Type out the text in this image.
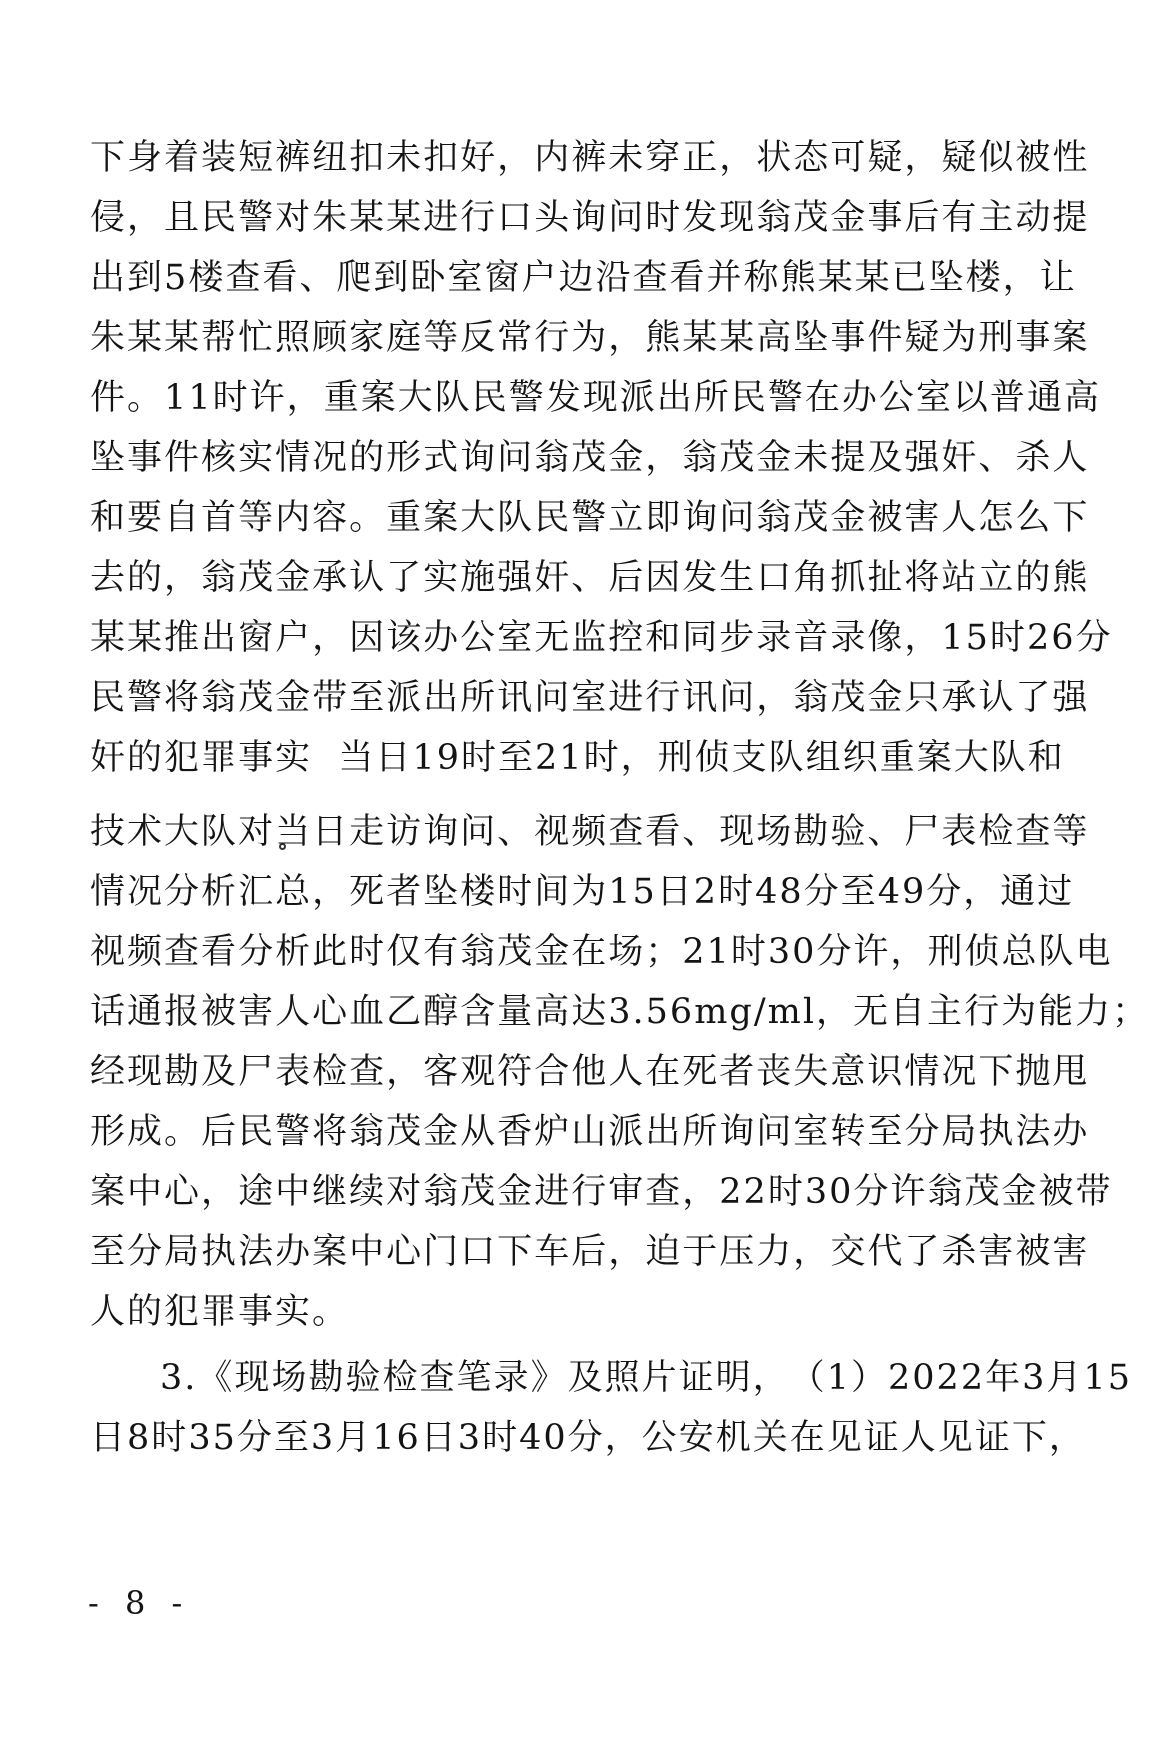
下 身 着 装 短 裤 纽 扣 未 扣 好 ， 内 裤 未 穿 正 ， 状 态 可 疑 ， 疑 似 被 性
侵 ， 且 民 警 对 朱 某 某 进 行 口 头 询 问 时 发 现 翁 茂 金 事 后 有 主 动 提
出 到 5 楼 查 看 、 爬 到 卧 室 窗 户 边 沿 查 看 并 称 熊 某 某 已 坠 楼 ， 让
朱 某 某 帮 忙 照 顾 家 庭 等 反 常 行 为 ， 熊 某 某 高 坠 事 件 疑 为 刑 事 案
件 。 1 1 时 许 ， 重 案 大 队 民 警 发 现 派 出 所 民 警 在 办 公 室 以 普 通 高
坠 事 件 核 实 情 况 的 形 式 询 问 翁 茂 金 ， 翁 茂 金 未 提 及 强 奸 、 杀 人
和 要 自 首 等 内 容 。 重 案 大 队 民 警 立 即 询 问 翁 茂 金 被 害 人 怎 么 下
去 的 ， 翁 茂 金 承 认 了 实 施 强 奸 、 后 因 发 生 口 角 抓 扯 将 站 立 的 熊
某 某 推 出 窗 户 ， 因 该 办 公 室 无 监 控 和 同 步 录 音 录 像 ， 1 5 时 2 6 分
民 警 将 翁 茂 金 带 至 派 出 所 讯 问 室 进 行 讯 问 ， 翁 茂 金 只 承 认 了 强
奸 的 犯 罪 事 实

当 日 1 9 时 至 2 1 时 ， 刑 侦 支 队 组 织 重 案 大 队 和
技 术 大 队 对 当 日 走 访 询 问 、 视 频 查 看 、 现 场 勘 验 、 尸 表 检 查 等
情 况 分 析 汇 总 ， 死 者 坠 楼 时 间 为 1 5 日 2 时 4 8 分 至 4 9 分 ， 通 过
视 频 查 看 分 析 此 时 仅 有 翁 茂 金 在 场 ； 2 1 时 3 0 分 许 ， 刑 侦 总 队 电
话 通 报 被 害 人 心 血 乙 醇 含 量 高 达 3 . 5 6 m g / m l ， 无 自 主 行 为 能 力 ；
经 现 勘 及 尸 表 检 查 ， 客 观 符 合 他 人 在 死 者 丧 失 意 识 情 况 下 抛 甩
形 成 。 后 民 警 将 翁 茂 金 从 香 炉 山 派 出 所 询 问 室 转 至 分 局 执 法 办
案 中 心 ， 途 中 继 续 对 翁 茂 金 进 行 审 查 ， 2 2 时 3 0 分 许 翁 茂 金 被 带
至 分 局 执 法 办 案 中 心 门 口 下 车 后 ， 迫 于 压 力 ， 交 代 了 杀 害 被 害
人的犯罪事实。
3 . 《 现 场 勘 验 检 查 笔 录 》 及 照 片 证 明 ， （ 1 ） 2 0 2 2 年 3 月 1 5
日 8 时 3 5 分 至 3 月 1 6 日 3 时 4 0 分 ， 公 安 机 关 在 见 证 人 见 证 下 ，
- 8 -
